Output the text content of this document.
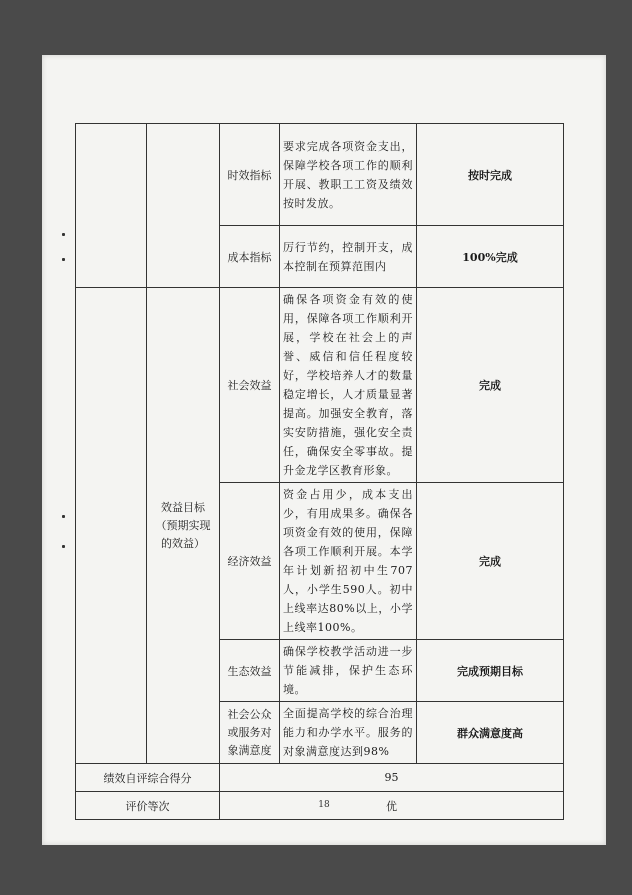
		时效指标	要求完成各项资金支出，保障学校各项工作的顺利开展、教职工工资及绩效按时发放。	按时完成
		成本指标	厉行节约，控制开支，成本控制在预算范围内	100%完成
	效益目标（预期实现的效益）	社会效益	确保各项资金有效的使用，保障各项工作顺利开展，学校在社会上的声誉、威信和信任程度较好，学校培养人才的数量稳定增长，人才质量显著提高。加强安全教育，落实安防措施，强化安全责任，确保安全零事故。提升金龙学区教育形象。	完成
		经济效益	资金占用少，成本支出少，有用成果多。确保各项资金有效的使用，保障各项工作顺利开展。本学年计划新招初中生707人，小学生590人。初中上线率达80%以上，小学上线率100%。	完成
		生态效益	确保学校教学活动进一步节能减排，保护生态环境。	完成预期目标
		社会公众或服务对象满意度	全面提高学校的综合治理能力和办学水平。服务的对象满意度达到98%	群众满意度高
绩效自评综合得分		95		
评价等次		优		
18
